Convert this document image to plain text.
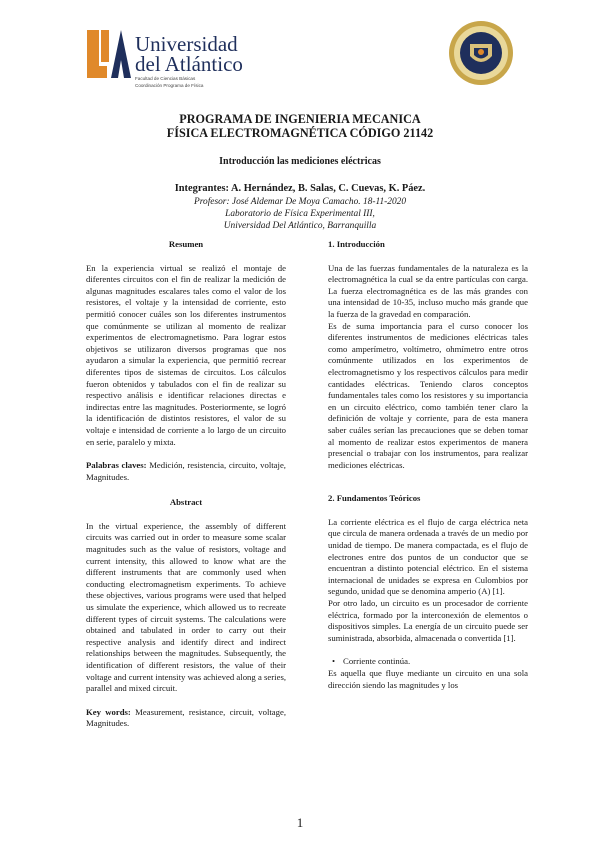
Universidad
del Atlántico
Facultad de Ciencias Básicas
Coordinación Programa de Física
PROGRAMA DE INGENIERIA MECANICA
FÍSICA ELECTROMAGNÉTICA CÓDIGO 21142
Introducción las mediciones eléctricas
Integrantes: A. Hernández, B. Salas, C. Cuevas, K. Páez.
Profesor: José Aldemar De Moya Camacho. 18-11-2020
Laboratorio de Física Experimental III,
Universidad Del Atlántico, Barranquilla
Resumen

En la experiencia virtual se realizó el montaje de diferentes circuitos con el fin de realizar la medición de algunas magnitudes escalares tales como el valor de los resistores, el voltaje y la intensidad de corriente, esto permitió conocer cuáles son los diferentes instrumentos que comúnmente se utilizan al momento de realizar experimentos de electromagnetismo. Para lograr estos objetivos se utilizaron diversos programas que nos ayudaron a simular la experiencia, que permitió recrear diferentes tipos de sistemas de circuitos. Los cálculos fueron obtenidos y tabulados con el fin de realizar su respectivo análisis e identificar relaciones directas e indirectas entre las magnitudes. Posteriormente, se logró la identificación de distintos resistores, el valor de su voltaje e intensidad de corriente a lo largo de un circuito en serie, paralelo y mixta.

Palabras claves: Medición, resistencia, circuito, voltaje, Magnitudes.

Abstract

In the virtual experience, the assembly of different circuits was carried out in order to measure some scalar magnitudes such as the value of resistors, voltage and current intensity, this allowed to know what are the different instruments that are commonly used when conducting electromagnetism experiments. To achieve these objectives, various programs were used that helped us simulate the experience, which allowed us to recreate different types of circuit systems. The calculations were obtained and tabulated in order to carry out their respective analysis and identify direct and indirect relationships between the magnitudes. Subsequently, the identification of different resistors, the value of their voltage and current intensity was achieved along a series, parallel and mixed circuit.

Key words: Measurement, resistance, circuit, voltage, Magnitudes.

1. Introducción

Una de las fuerzas fundamentales de la naturaleza es la electromagnética la cual se da entre partículas con carga. La fuerza electromagnética es de las más grandes con una intensidad de 10-35, incluso mucho más grande que la fuerza de la gravedad en comparación.

Es de suma importancia para el curso conocer los diferentes instrumentos de mediciones eléctricas tales como amperímetro, voltímetro, ohmímetro entre otros comúnmente utilizados en los experimentos de electromagnetismo y los respectivos cálculos para medir cantidades eléctricas. Teniendo claros conceptos fundamentales tales como los resistores y su importancia en un circuito eléctrico, como también tener claro la definición de voltaje y corriente, para de esta manera saber cuáles serían las precauciones que se deben tomar al momento de realizar estos experimentos de manera presencial o trabajar con los instrumentos, para realizar mediciones eléctricas.

2. Fundamentos Teóricos

La corriente eléctrica es el flujo de carga eléctrica neta que circula de manera ordenada a través de un medio por unidad de tiempo. De manera compactada, es el flujo de electrones entre dos puntos de un conductor que se encuentran a distinto potencial eléctrico. En el sistema internacional de unidades se expresa en Culombios por segundo, unidad que se denomina amperio (A) [1].

Por otro lado, un circuito es un procesador de corriente eléctrica, formado por la interconexión de elementos o dispositivos simples. La energía de un circuito puede ser suministrada, absorbida, almacenada o convertida [1].

• Corriente continúa.

Es aquella que fluye mediante un circuito en una sola dirección siendo las magnitudes y los

1
